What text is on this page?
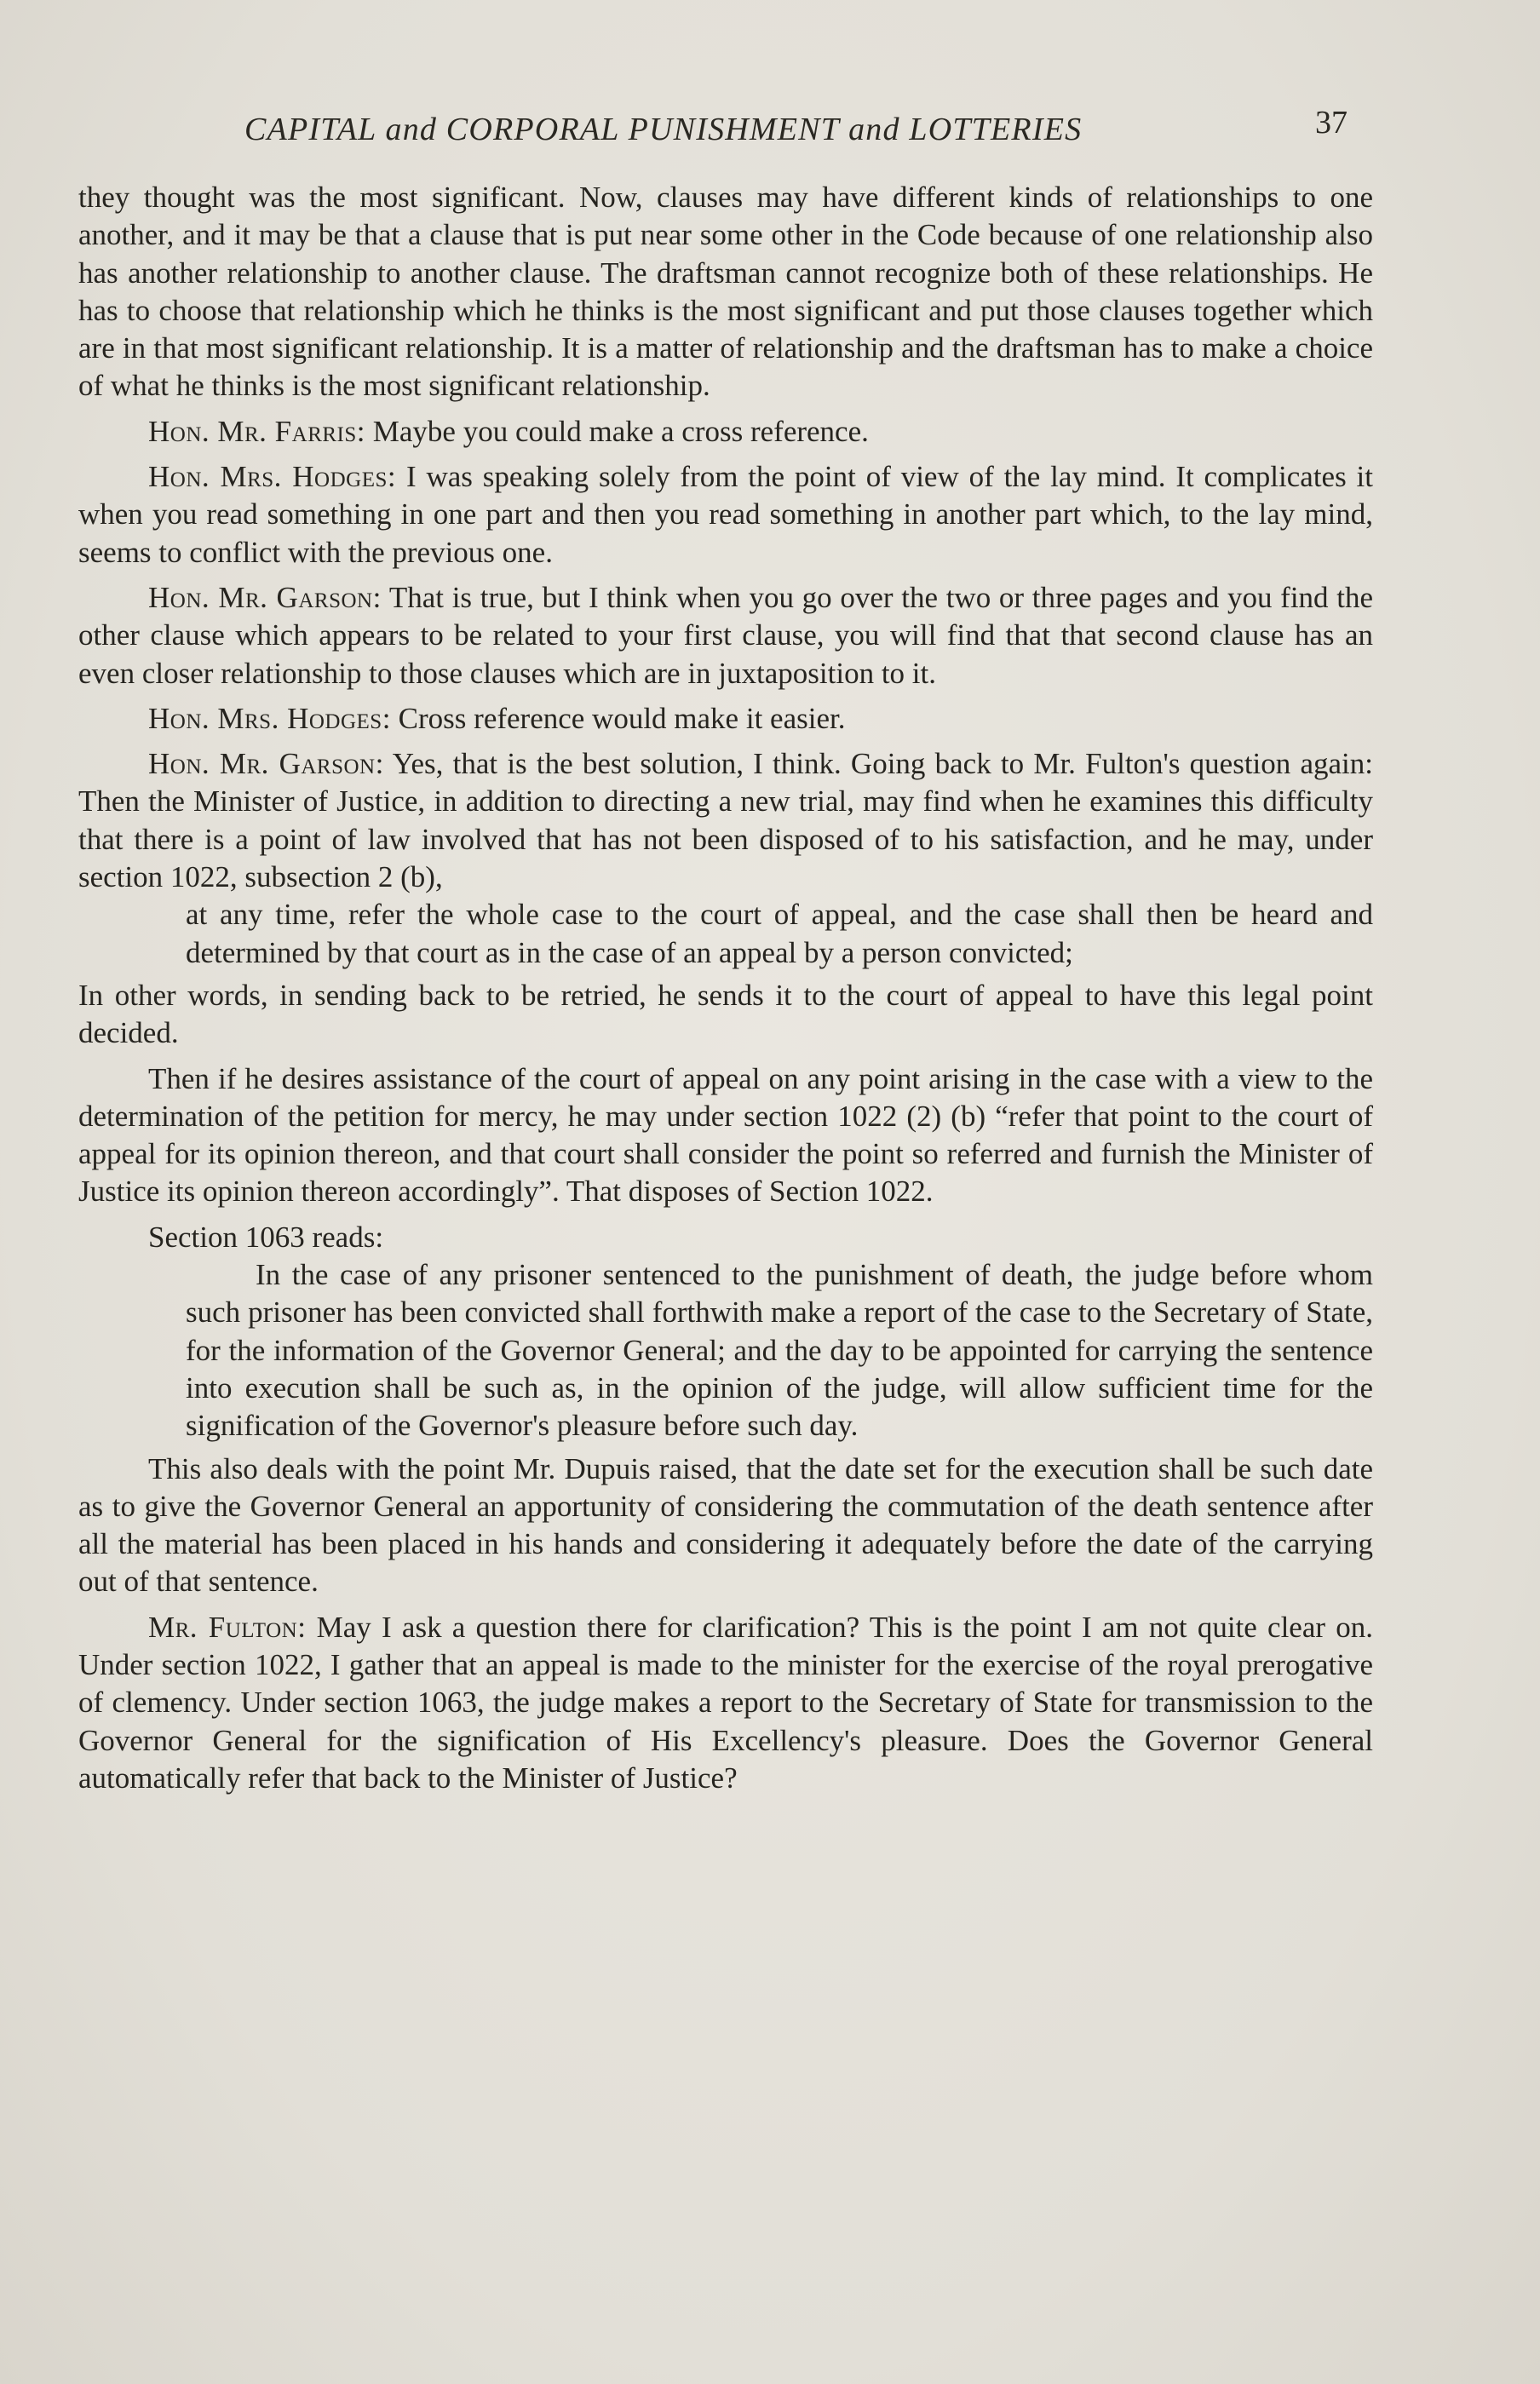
CAPITAL and CORPORAL PUNISHMENT and LOTTERIES	37

they thought was the most significant. Now, clauses may have different kinds of relationships to one another, and it may be that a clause that is put near some other in the Code because of one relationship also has another relationship to another clause. The draftsman cannot recognize both of these relationships. He has to choose that relationship which he thinks is the most significant and put those clauses together which are in that most significant relationship. It is a matter of relationship and the draftsman has to make a choice of what he thinks is the most significant relationship.

Hon. Mr. Farris: Maybe you could make a cross reference.

Hon. Mrs. Hodges: I was speaking solely from the point of view of the lay mind. It complicates it when you read something in one part and then you read something in another part which, to the lay mind, seems to conflict with the previous one.

Hon. Mr. Garson: That is true, but I think when you go over the two or three pages and you find the other clause which appears to be related to your first clause, you will find that that second clause has an even closer relationship to those clauses which are in juxtaposition to it.

Hon. Mrs. Hodges: Cross reference would make it easier.

Hon. Mr. Garson: Yes, that is the best solution, I think. Going back to Mr. Fulton's question again: Then the Minister of Justice, in addition to directing a new trial, may find when he examines this difficulty that there is a point of law involved that has not been disposed of to his satisfaction, and he may, under section 1022, subsection 2 (b),

at any time, refer the whole case to the court of appeal, and the case shall then be heard and determined by that court as in the case of an appeal by a person convicted;

In other words, in sending back to be retried, he sends it to the court of appeal to have this legal point decided.

Then if he desires assistance of the court of appeal on any point arising in the case with a view to the determination of the petition for mercy, he may under section 1022 (2) (b) “refer that point to the court of appeal for its opinion thereon, and that court shall consider the point so referred and furnish the Minister of Justice its opinion thereon accordingly”. That disposes of Section 1022.

Section 1063 reads:

In the case of any prisoner sentenced to the punishment of death, the judge before whom such prisoner has been convicted shall forthwith make a report of the case to the Secretary of State, for the information of the Governor General; and the day to be appointed for carrying the sentence into execution shall be such as, in the opinion of the judge, will allow sufficient time for the signification of the Governor's pleasure before such day.

This also deals with the point Mr. Dupuis raised, that the date set for the execution shall be such date as to give the Governor General an apportunity of considering the commutation of the death sentence after all the material has been placed in his hands and considering it adequately before the date of the carrying out of that sentence.

Mr. Fulton: May I ask a question there for clarification? This is the point I am not quite clear on. Under section 1022, I gather that an appeal is made to the minister for the exercise of the royal prerogative of clemency. Under section 1063, the judge makes a report to the Secretary of State for transmission to the Governor General for the signification of His Excellency's pleasure. Does the Governor General automatically refer that back to the Minister of Justice?
